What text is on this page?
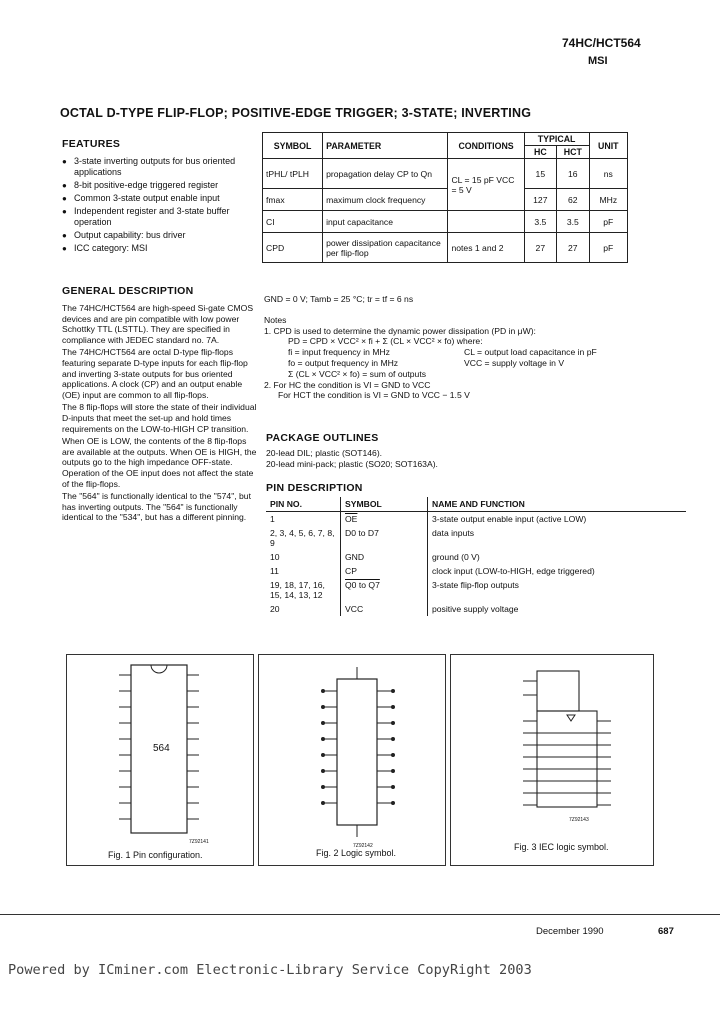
74HC/HCT564
MSI
OCTAL D-TYPE FLIP-FLOP; POSITIVE-EDGE TRIGGER; 3-STATE; INVERTING
FEATURES
● 3-state inverting outputs for bus oriented applications
● 8-bit positive-edge triggered register
● Common 3-state output enable input
● Independent register and 3-state buffer operation
● Output capability: bus driver
● ICC category: MSI
GENERAL DESCRIPTION

The 74HC/HCT564 are high-speed Si-gate CMOS devices and are pin compatible with low power Schottky TTL (LSTTL). They are specified in compliance with JEDEC standard no. 7A.

The 74HC/HCT564 are octal D-type flip-flops featuring separate D-type inputs for each flip-flop and inverting 3-state outputs for bus oriented applications. A clock (CP) and an output enable (OE) input are common to all flip-flops.

The 8 flip-flops will store the state of their individual D-inputs that meet the set-up and hold times requirements on the LOW-to-HIGH CP transition.

When OE is LOW, the contents of the 8 flip-flops are available at the outputs. When OE is HIGH, the outputs go to the high impedance OFF-state. Operation of the OE input does not affect the state of the flip-flops.

The "564" is functionally identical to the "574", but has inverting outputs. The "564" is functionally identical to the "534", but has a different pinning.

SYMBOL	PARAMETER	CONDITIONS	TYPICAL		UNIT
			HC	HCT	
tPHL/ tPLH	propagation delay CP to Qn	CL = 15 pF VCC = 5 V	15	16	ns
fmax	maximum clock frequency		127	62	MHz
CI	input capacitance		3.5	3.5	pF
CPD	power dissipation capacitance per flip-flop	notes 1 and 2	27	27	pF
GND = 0 V; Tamb = 25 °C; tr = tf = 6 ns
Notes
1. CPD is used to determine the dynamic power dissipation (PD in μW):
PD = CPD × VCC² × fi + Σ (CL × VCC² × fo) where:
fi = input frequency in MHz	CL = output load capacitance in pF
fo = output frequency in MHz	VCC = supply voltage in V
Σ (CL × VCC² × fo) = sum of outputs
2. For HC the condition is VI = GND to VCC
For HCT the condition is VI = GND to VCC − 1.5 V
PACKAGE OUTLINES
20-lead DIL; plastic (SOT146).
20-lead mini-pack; plastic (SO20; SOT163A).
PIN DESCRIPTION
PIN NO.	SYMBOL	NAME AND FUNCTION
1	$\overline{OE}$	3-state output enable input (active LOW)
2, 3, 4, 5, 6, 7, 8, 9	D0 to D7	data inputs
10	GND	ground (0 V)
11	CP	clock input (LOW-to-HIGH, edge triggered)
19, 18, 17, 16, 15, 14, 13, 12	Q0 to Q7	3-state flip-flop outputs
20	VCC	positive supply voltage
564
7Z92141
Fig. 1 Pin configuration.
7Z92142
Fig. 2 Logic symbol.
7Z92143
Fig. 3 IEC logic symbol.
December 1990	687
Powered by ICminer.com Electronic-Library Service CopyRight 2003
